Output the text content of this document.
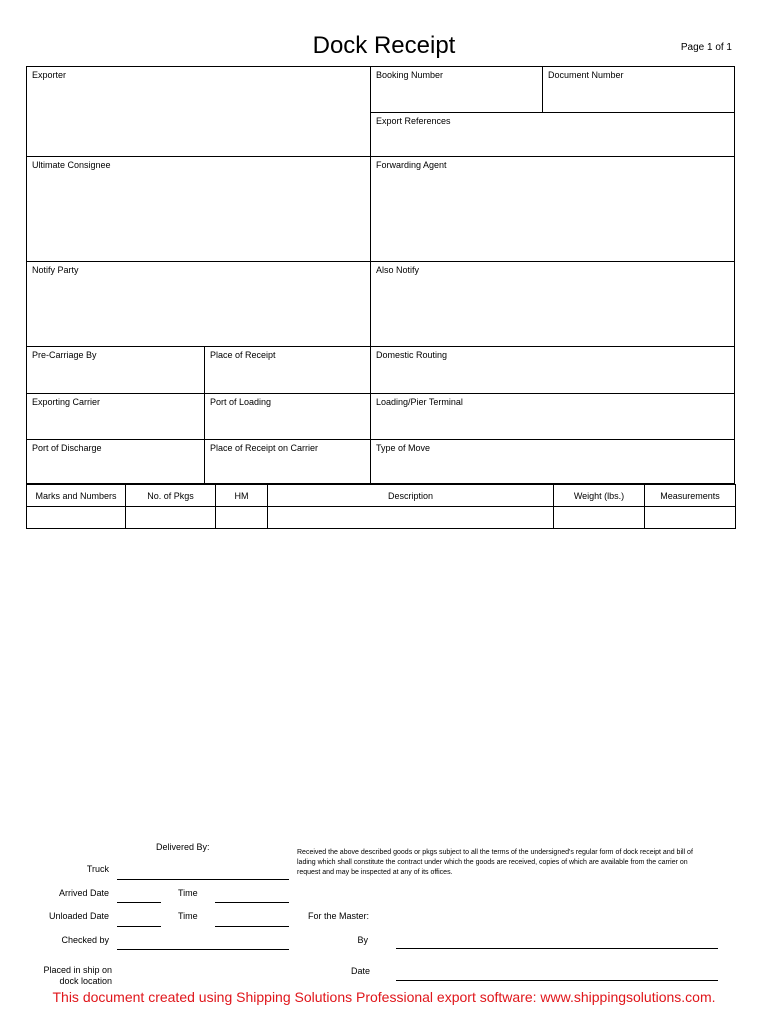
Dock Receipt	Page 1 of 1
Exporter	Booking Number	Document Number
Export References
Ultimate Consignee	Forwarding Agent
Notify Party	Also Notify
Pre-Carriage By	Place of Receipt	Domestic Routing
Exporting Carrier	Port of Loading	Loading/Pier Terminal
Port of Discharge	Place of Receipt on Carrier	Type of Move
Marks and Numbers	No. of Pkgs	HM	Description	Weight (lbs.)	Measurements

Delivered By:
Truck
Arrived Date	Time
Unloaded Date	Time
Checked by
Placed in ship on
dock location
Received the above described goods or pkgs subject to all the terms of the undersigned's regular form of dock receipt and bill of lading which shall constitute the contract under which the goods are received, copies of which are available from the carrier on request and may be inspected at any of its offices.
For the Master:
By
Date
This document created using Shipping Solutions Professional export software: www.shippingsolutions.com.
